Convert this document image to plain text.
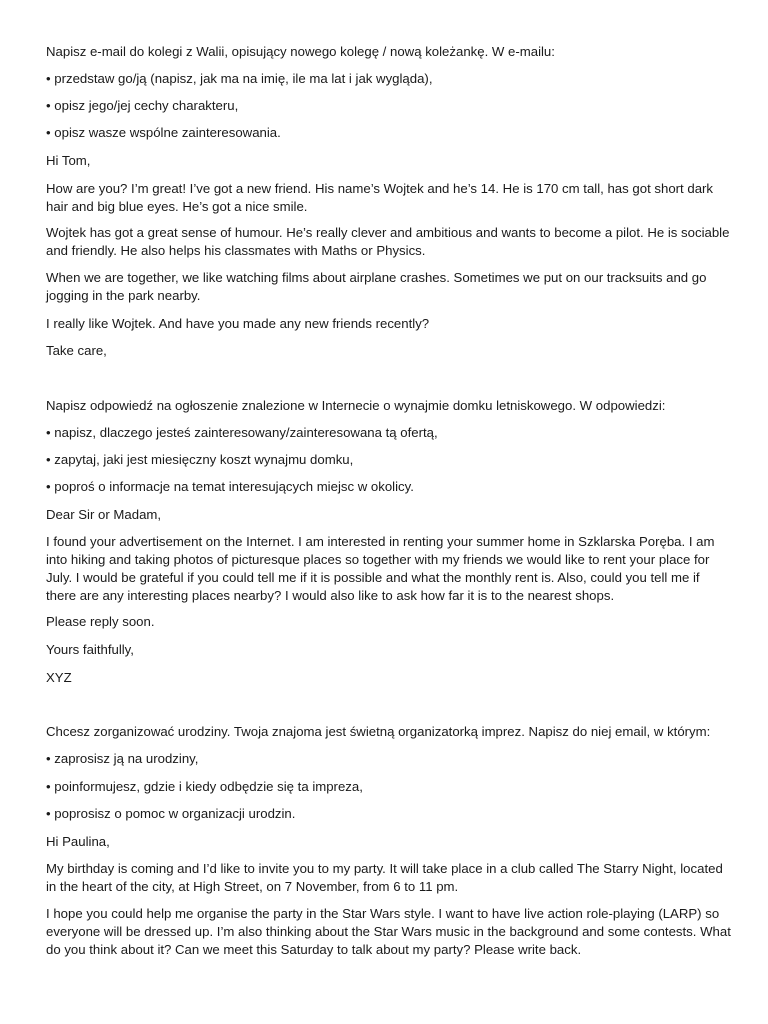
Napisz e-mail do kolegi z Walii, opisujący nowego kolegę / nową koleżankę. W e-mailu:

• przedstaw go/ją (napisz, jak ma na imię, ile ma lat i jak wygląda),

• opisz jego/jej cechy charakteru,

• opisz wasze wspólne zainteresowania.

Hi Tom,

How are you? I’m great! I’ve got a new friend. His name’s Wojtek and he’s 14. He is 170 cm tall, has got short dark hair and big blue eyes. He’s got a nice smile.

Wojtek has got a great sense of humour. He’s really clever and ambitious and wants to become a pilot. He is sociable and friendly. He also helps his classmates with Maths or Physics.

When we are together, we like watching films about airplane crashes. Sometimes we put on our tracksuits and go jogging in the park nearby.

I really like Wojtek. And have you made any new friends recently?

Take care,

Napisz odpowiedź na ogłoszenie znalezione w Internecie o wynajmie domku letniskowego. W odpowiedzi:

• napisz, dlaczego jesteś zainteresowany/zainteresowana tą ofertą,

• zapytaj, jaki jest miesięczny koszt wynajmu domku,

• poproś o informacje na temat interesujących miejsc w okolicy.

Dear Sir or Madam,

I found your advertisement on the Internet. I am interested in renting your summer home in Szklarska Poręba. I am into hiking and taking photos of picturesque places so together with my friends we would like to rent your place for July. I would be grateful if you could tell me if it is possible and what the monthly rent is. Also, could you tell me if there are any interesting places nearby? I would also like to ask how far it is to the nearest shops.

Please reply soon.

Yours faithfully,

XYZ

Chcesz zorganizować urodziny. Twoja znajoma jest świetną organizatorką imprez. Napisz do niej email, w którym:

• zaprosisz ją na urodziny,

• poinformujesz, gdzie i kiedy odbędzie się ta impreza,

• poprosisz o pomoc w organizacji urodzin.

Hi Paulina,

My birthday is coming and I’d like to invite you to my party. It will take place in a club called The Starry Night, located in the heart of the city, at High Street, on 7 November, from 6 to 11 pm.

I hope you could help me organise the party in the Star Wars style. I want to have live action role-playing (LARP) so everyone will be dressed up. I’m also thinking about the Star Wars music in the background and some contests. What do you think about it? Can we meet this Saturday to talk about my party? Please write back.
